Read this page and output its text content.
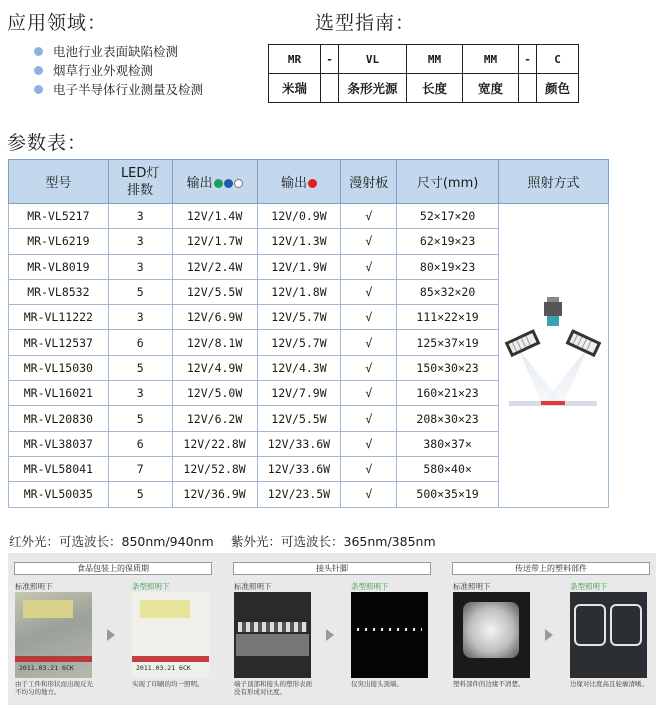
应用领域：
电池行业表面缺陷检测
烟草行业外观检测
电子半导体行业测量及检测
选型指南：
MR	-	VL	MM	MM	-	C
米瑞		条形光源	长度	宽度		颜色
参数表：
型号	LED灯排数	输出	输出	漫射板	尺寸(mm)	照射方式
MR-VL5217	3	12V/1.4W	12V/0.9W	√	52×17×20	
MR-VL6219	3	12V/1.7W	12V/1.3W	√	62×19×23	
MR-VL8019	3	12V/2.4W	12V/1.9W	√	80×19×23	
MR-VL8532	5	12V/5.5W	12V/1.8W	√	85×32×20	
MR-VL11222	3	12V/6.9W	12V/5.7W	√	111×22×19	
MR-VL12537	6	12V/8.1W	12V/5.7W	√	125×37×19	
MR-VL15030	5	12V/4.9W	12V/4.3W	√	150×30×23	
MR-VL16021	3	12V/5.0W	12V/7.9W	√	160×21×23	
MR-VL20830	5	12V/6.2W	12V/5.5W	√	208×30×23	
MR-VL38037	6	12V/22.8W	12V/33.6W	√	380×37×	
MR-VL58041	7	12V/52.8W	12V/33.6W	√	580×40×	
MR-VL50035	5	12V/36.9W	12V/23.5W	√	500×35×19	
红外光：可选波长：850nm/940nm 紫外光：可选波长：365nm/385nm
食品包装上的保质期
标准照明下	条型照明下
2011.03.21 6CK	2011.03.21 6CK
由于工件和形状而出现反光不均匀的地方。
实现了印刷的均一照明。
接头针脚
标准照明下	条型照明下
端子顶部和接头的塑形表面没有形成对比度。
仅突出接头顶端。
传送带上的塑料部件
标准照明下	条型照明下
塑料部件的边缘不清楚。	边缘对比度高且轮廓清晰。
